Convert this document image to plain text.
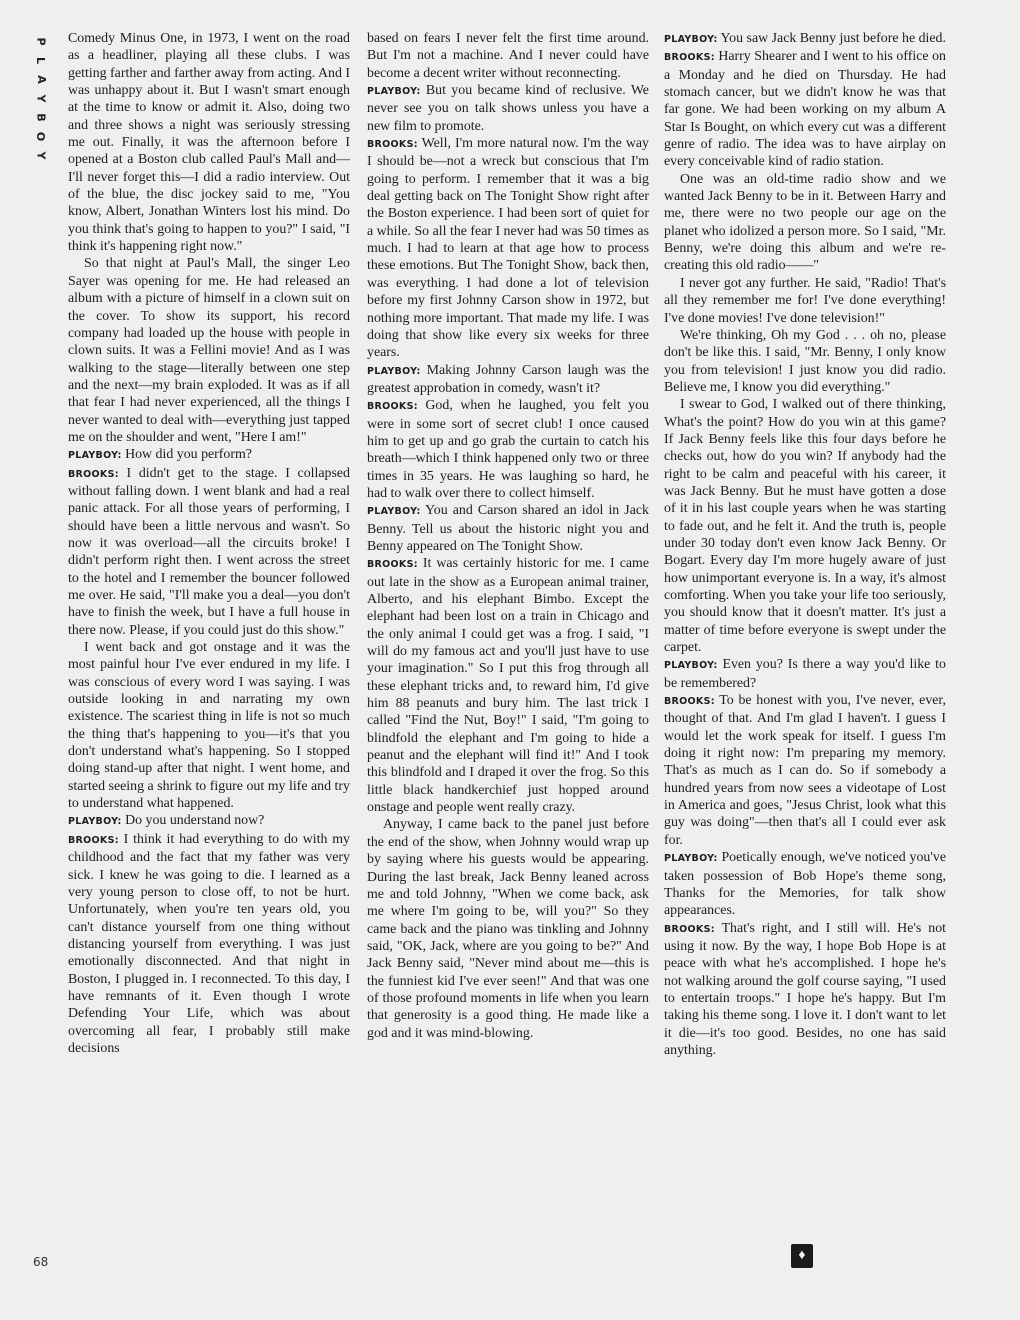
P
L
A
Y
B
O
Y

Comedy Minus One, in 1973, I went on the road as a headliner, playing all these clubs. I was getting farther and farther away from acting. And I was unhappy about it. But I wasn't smart enough at the time to know or admit it. Also, doing two and three shows a night was seriously stressing me out. Finally, it was the afternoon before I opened at a Boston club called Paul's Mall and—I'll never forget this—I did a radio interview. Out of the blue, the disc jockey said to me, "You know, Albert, Jonathan Winters lost his mind. Do you think that's going to happen to you?" I said, "I think it's happening right now."

So that night at Paul's Mall, the singer Leo Sayer was opening for me. He had released an album with a picture of himself in a clown suit on the cover. To show its support, his record company had loaded up the house with people in clown suits. It was a Fellini movie! And as I was walking to the stage—literally between one step and the next—my brain exploded. It was as if all that fear I had never experienced, all the things I never wanted to deal with—everything just tapped me on the shoulder and went, "Here I am!"

PLAYBOY: How did you perform?

BROOKS: I didn't get to the stage. I collapsed without falling down. I went blank and had a real panic attack. For all those years of performing, I should have been a little nervous and wasn't. So now it was overload—all the circuits broke! I didn't perform right then. I went across the street to the hotel and I remember the bouncer followed me over. He said, "I'll make you a deal—you don't have to finish the week, but I have a full house in there now. Please, if you could just do this show."

I went back and got onstage and it was the most painful hour I've ever endured in my life. I was conscious of every word I was saying. I was outside looking in and narrating my own existence. The scariest thing in life is not so much the thing that's happening to you—it's that you don't understand what's happening. So I stopped doing stand-up after that night. I went home, and started seeing a shrink to figure out my life and try to understand what happened.

PLAYBOY: Do you understand now?

BROOKS: I think it had everything to do with my childhood and the fact that my father was very sick. I knew he was going to die. I learned as a very young person to close off, to not be hurt. Unfortunately, when you're ten years old, you can't distance yourself from one thing without distancing yourself from everything. I was just emotionally disconnected. And that night in Boston, I plugged in. I reconnected. To this day, I have remnants of it. Even though I wrote Defending Your Life, which was about overcoming all fear, I probably still make decisions

based on fears I never felt the first time around. But I'm not a machine. And I never could have become a decent writer without reconnecting.

PLAYBOY: But you became kind of reclusive. We never see you on talk shows unless you have a new film to promote.

BROOKS: Well, I'm more natural now. I'm the way I should be—not a wreck but conscious that I'm going to perform. I remember that it was a big deal getting back on The Tonight Show right after the Boston experience. I had been sort of quiet for a while. So all the fear I never had was 50 times as much. I had to learn at that age how to process these emotions. But The Tonight Show, back then, was everything. I had done a lot of television before my first Johnny Carson show in 1972, but nothing more important. That made my life. I was doing that show like every six weeks for three years.

PLAYBOY: Making Johnny Carson laugh was the greatest approbation in comedy, wasn't it?

BROOKS: God, when he laughed, you felt you were in some sort of secret club! I once caused him to get up and go grab the curtain to catch his breath—which I think happened only two or three times in 35 years. He was laughing so hard, he had to walk over there to collect himself.

PLAYBOY: You and Carson shared an idol in Jack Benny. Tell us about the historic night you and Benny appeared on The Tonight Show.

BROOKS: It was certainly historic for me. I came out late in the show as a European animal trainer, Alberto, and his elephant Bimbo. Except the elephant had been lost on a train in Chicago and the only animal I could get was a frog. I said, "I will do my famous act and you'll just have to use your imagination." So I put this frog through all these elephant tricks and, to reward him, I'd give him 88 peanuts and bury him. The last trick I called "Find the Nut, Boy!" I said, "I'm going to blindfold the elephant and I'm going to hide a peanut and the elephant will find it!" And I took this blindfold and I draped it over the frog. So this little black handkerchief just hopped around onstage and people went really crazy.

Anyway, I came back to the panel just before the end of the show, when Johnny would wrap up by saying where his guests would be appearing. During the last break, Jack Benny leaned across me and told Johnny, "When we come back, ask me where I'm going to be, will you?" So they came back and the piano was tinkling and Johnny said, "OK, Jack, where are you going to be?" And Jack Benny said, "Never mind about me—this is the funniest kid I've ever seen!" And that was one of those profound moments in life when you learn that generosity is a good thing. He made like a god and it was mind-blowing.

PLAYBOY: You saw Jack Benny just before he died.

BROOKS: Harry Shearer and I went to his office on a Monday and he died on Thursday. He had stomach cancer, but we didn't know he was that far gone. We had been working on my album A Star Is Bought, on which every cut was a different genre of radio. The idea was to have airplay on every conceivable kind of radio station.

One was an old-time radio show and we wanted Jack Benny to be in it. Between Harry and me, there were no two people our age on the planet who idolized a person more. So I said, "Mr. Benny, we're doing this album and we're re-creating this old radio——"

I never got any further. He said, "Radio! That's all they remember me for! I've done everything! I've done movies! I've done television!"

We're thinking, Oh my God . . . oh no, please don't be like this. I said, "Mr. Benny, I only know you from television! I just know you did radio. Believe me, I know you did everything."

I swear to God, I walked out of there thinking, What's the point? How do you win at this game? If Jack Benny feels like this four days before he checks out, how do you win? If anybody had the right to be calm and peaceful with his career, it was Jack Benny. But he must have gotten a dose of it in his last couple years when he was starting to fade out, and he felt it. And the truth is, people under 30 today don't even know Jack Benny. Or Bogart. Every day I'm more hugely aware of just how unimportant everyone is. In a way, it's almost comforting. When you take your life too seriously, you should know that it doesn't matter. It's just a matter of time before everyone is swept under the carpet.

PLAYBOY: Even you? Is there a way you'd like to be remembered?

BROOKS: To be honest with you, I've never, ever, thought of that. And I'm glad I haven't. I guess I would let the work speak for itself. I guess I'm doing it right now: I'm preparing my memory. That's as much as I can do. So if somebody a hundred years from now sees a videotape of Lost in America and goes, "Jesus Christ, look what this guy was doing"—then that's all I could ever ask for.

PLAYBOY: Poetically enough, we've noticed you've taken possession of Bob Hope's theme song, Thanks for the Memories, for talk show appearances.

BROOKS: That's right, and I still will. He's not using it now. By the way, I hope Bob Hope is at peace with what he's accomplished. I hope he's not walking around the golf course saying, "I used to entertain troops." I hope he's happy. But I'm taking his theme song. I love it. I don't want to let it die—it's too good. Besides, no one has said anything.

68	♦
